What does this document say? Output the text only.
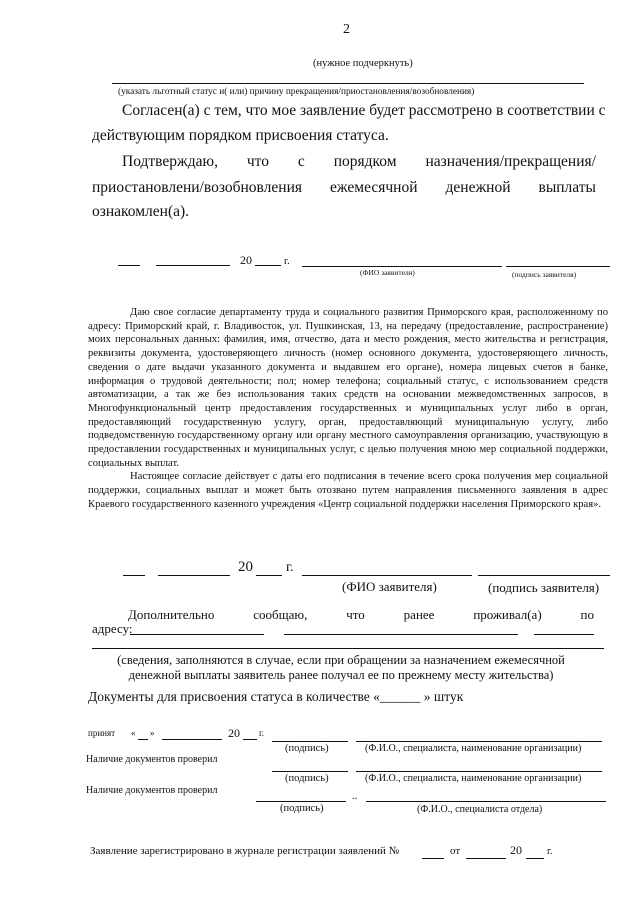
2
(нужное подчеркнуть)
(указать льготный статус и( или) причину прекращения/приостановления/возобновления)
Согласен(а) с тем, что мое заявление будет рассмотрено в соответствии с
действующим порядком присвоения статуса.
Подтверждаю, что с порядком назначения/прекращения/
приостановлени/возобновления ежемесячной денежной выплаты
ознакомлен(а).
20	г.
(ФИО заявителя)	(подпись заявителя)

Даю свое согласие департаменту труда и социального развития Приморского края, расположенному по адресу: Приморский край, г. Владивосток, ул. Пушкинская, 13, на передачу (предоставление, распространение) моих персональных данных: фамилия, имя, отчество, дата и место рождения, место жительства и регистрация, реквизиты документа, удостоверяющего личность (номер основного документа, удостоверяющего личность, сведения о дате выдачи указанного документа и выдавшем его органе), номера лицевых счетов в банке, информация о трудовой деятельности; пол; номер телефона; социальный статус, с использованием средств автоматизации, а так же без использования таких средств на основании межведомственных запросов, в Многофункциональный центр предоставления государственных и муниципальных услуг либо в орган, предоставляющий государственную услугу, орган, предоставляющий муниципальную услугу, либо подведомственную государственному органу или органу местного самоуправления организацию, участвующую в предоставлении государственных и муниципальных услуг, с целью получения мною мер социальной поддержки, социальных выплат.

Настоящее согласие действует с даты его подписания в течение всего срока получения мер социальной поддержки, социальных выплат и может быть отозвано путем направления письменного заявления в адрес Краевого государственного казенного учреждения «Центр социальной поддержки населения Приморского края».

20 г.
(ФИО заявителя)	(подпись заявителя)
Дополнительно	сообщаю,	что	ранее	проживал(а)	по
адресу:
(сведения, заполняются в случае, если при обращении за назначением ежемесячной денежной выплаты заявитель ранее получал ее по прежнему месту жительства)
Документы для присвоения статуса в количестве «______ » штук
принят « »	20 г.
(подпись)	(Ф.И.О., специалиста, наименование организации)
Наличие документов проверил
(подпись)	(Ф.И.О., специалиста, наименование организации)
Наличие документов проверил
..
(подпись)	(Ф.И.О., специалиста отдела)
Заявление зарегистрировано в журнале регистрации заявлений №	от	20	г.
